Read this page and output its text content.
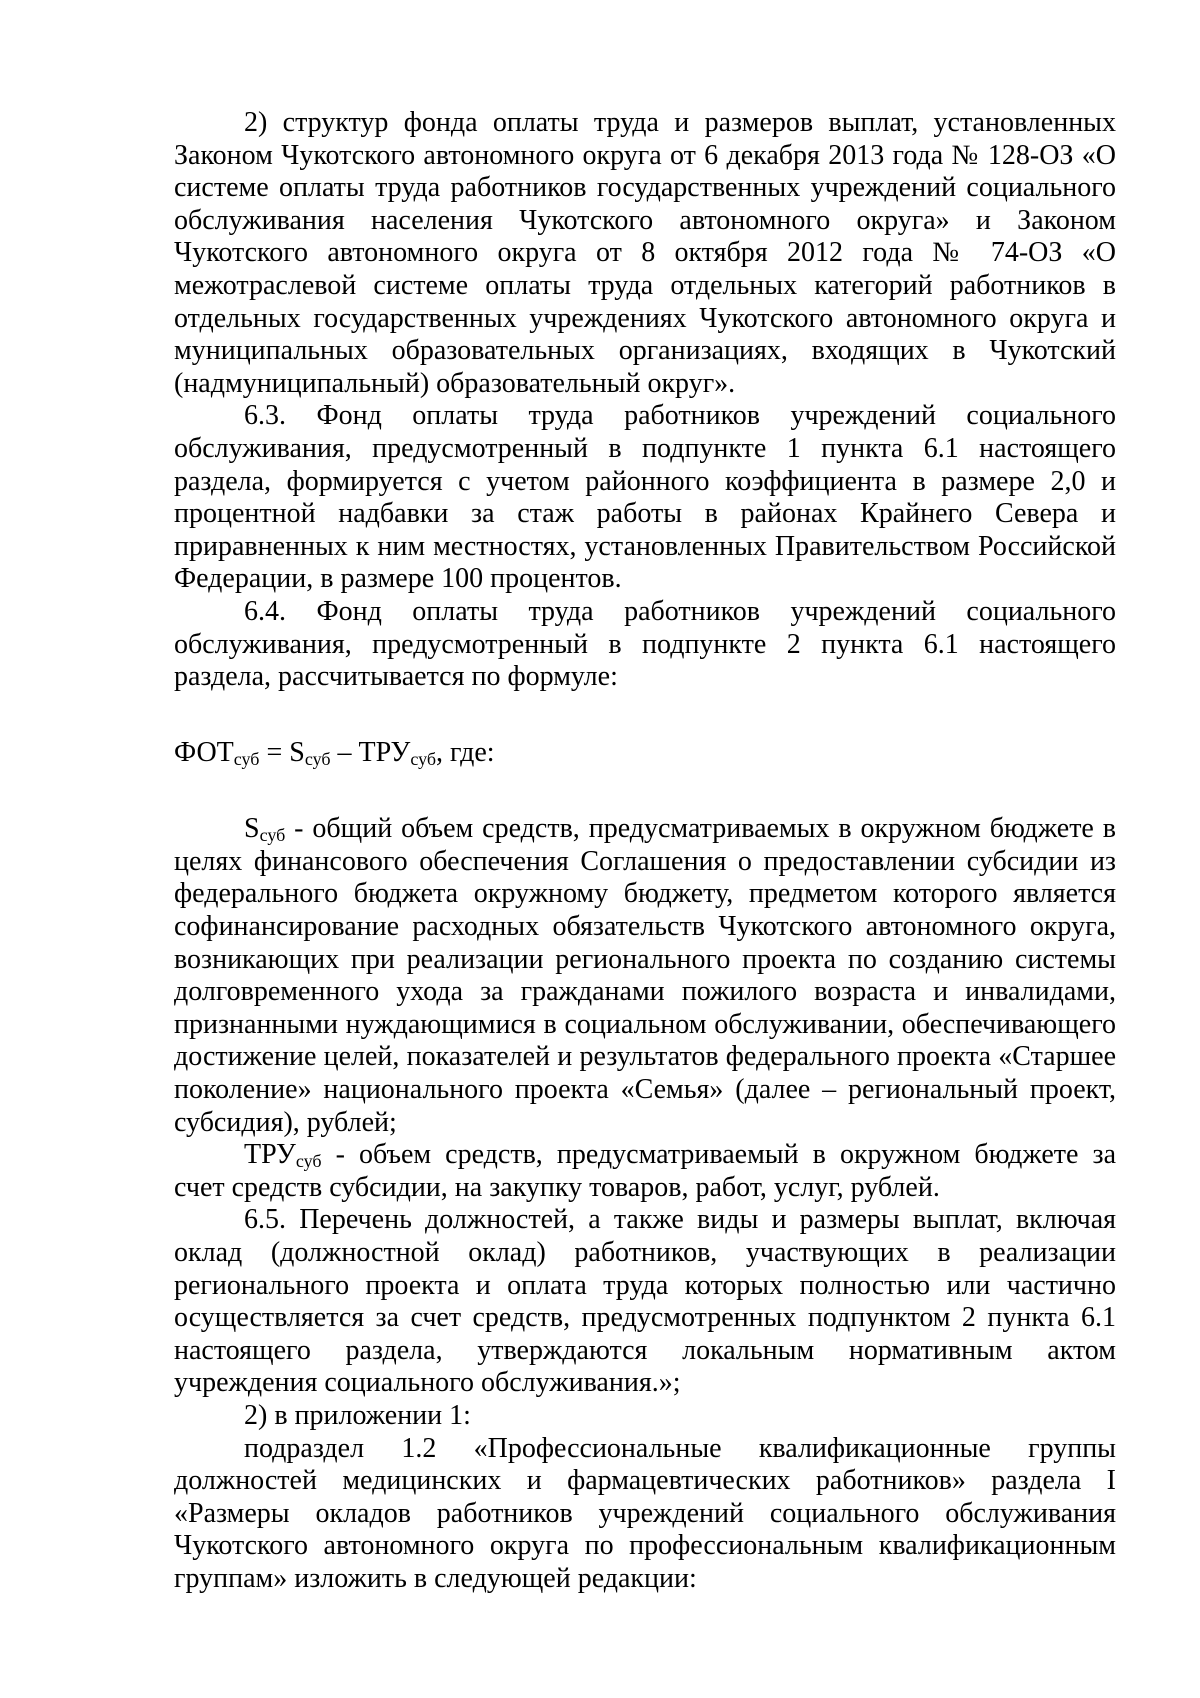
2) структур фонда оплаты труда и размеров выплат, установленных Законом Чукотского автономного округа от 6 декабря 2013 года № 128-ОЗ «О системе оплаты труда работников государственных учреждений социального обслуживания населения Чукотского автономного округа» и Законом Чукотского автономного округа от 8 октября 2012 года № 74-ОЗ «О межотраслевой системе оплаты труда отдельных категорий работников в отдельных государственных учреждениях Чукотского автономного округа и муниципальных образовательных организациях, входящих в Чукотский (надмуниципальный) образовательный округ».

6.3. Фонд оплаты труда работников учреждений социального обслуживания, предусмотренный в подпункте 1 пункта 6.1 настоящего раздела, формируется с учетом районного коэффициента в размере 2,0 и процентной надбавки за стаж работы в районах Крайнего Севера и приравненных к ним местностях, установленных Правительством Российской Федерации, в размере 100 процентов.

6.4. Фонд оплаты труда работников учреждений социального обслуживания, предусмотренный в подпункте 2 пункта 6.1 настоящего раздела, рассчитывается по формуле:

$ФОТ_{суб} = S_{суб} - ТРУ_{суб}$, где:

$S_{суб}$ - общий объем средств, предусматриваемых в окружном бюджете в целях финансового обеспечения Соглашения о предоставлении субсидии из федерального бюджета окружному бюджету, предметом которого является софинансирование расходных обязательств Чукотского автономного округа, возникающих при реализации регионального проекта по созданию системы долговременного ухода за гражданами пожилого возраста и инвалидами, признанными нуждающимися в социальном обслуживании, обеспечивающего достижение целей, показателей и результатов федерального проекта «Старшее поколение» национального проекта «Семья» (далее – региональный проект, субсидия), рублей;

$ТРУ_{суб}$ - объем средств, предусматриваемый в окружном бюджете за счет средств субсидии, на закупку товаров, работ, услуг, рублей.

6.5. Перечень должностей, а также виды и размеры выплат, включая оклад (должностной оклад) работников, участвующих в реализации регионального проекта и оплата труда которых полностью или частично осуществляется за счет средств, предусмотренных подпунктом 2 пункта 6.1 настоящего раздела, утверждаются локальным нормативным актом учреждения социального обслуживания.»;

2) в приложении 1:

подраздел 1.2 «Профессиональные квалификационные группы должностей медицинских и фармацевтических работников» раздела I «Размеры окладов работников учреждений социального обслуживания Чукотского автономного округа по профессиональным квалификационным группам» изложить в следующей редакции:
